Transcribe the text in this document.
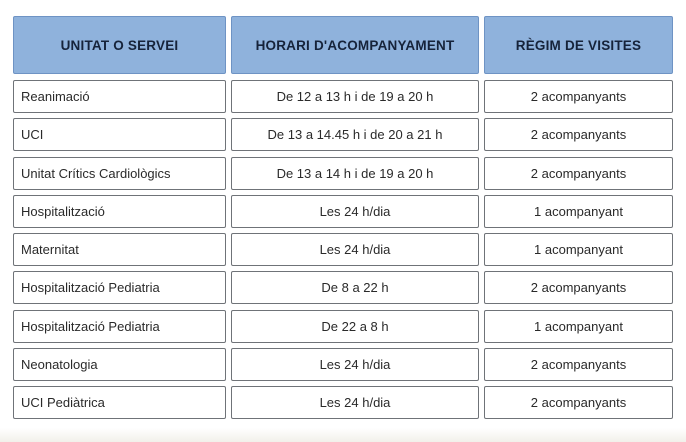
UNITAT O SERVEI	HORARI D'ACOMPANYAMENT	RÈGIM DE VISITES
Reanimació	De 12 a 13 h i de 19 a 20 h	2 acompanyants
UCI	De 13 a 14.45 h i de 20 a 21 h	2 acompanyants
Unitat Crítics Cardiològics	De 13 a 14 h i de 19 a 20 h	2 acompanyants
Hospitalització	Les 24 h/dia	1 acompanyant
Maternitat	Les 24 h/dia	1 acompanyant
Hospitalització Pediatria	De 8 a 22 h	2 acompanyants
Hospitalització Pediatria	De 22 a 8 h	1 acompanyant
Neonatologia	Les 24 h/dia	2 acompanyants
UCI Pediàtrica	Les 24 h/dia	2 acompanyants
